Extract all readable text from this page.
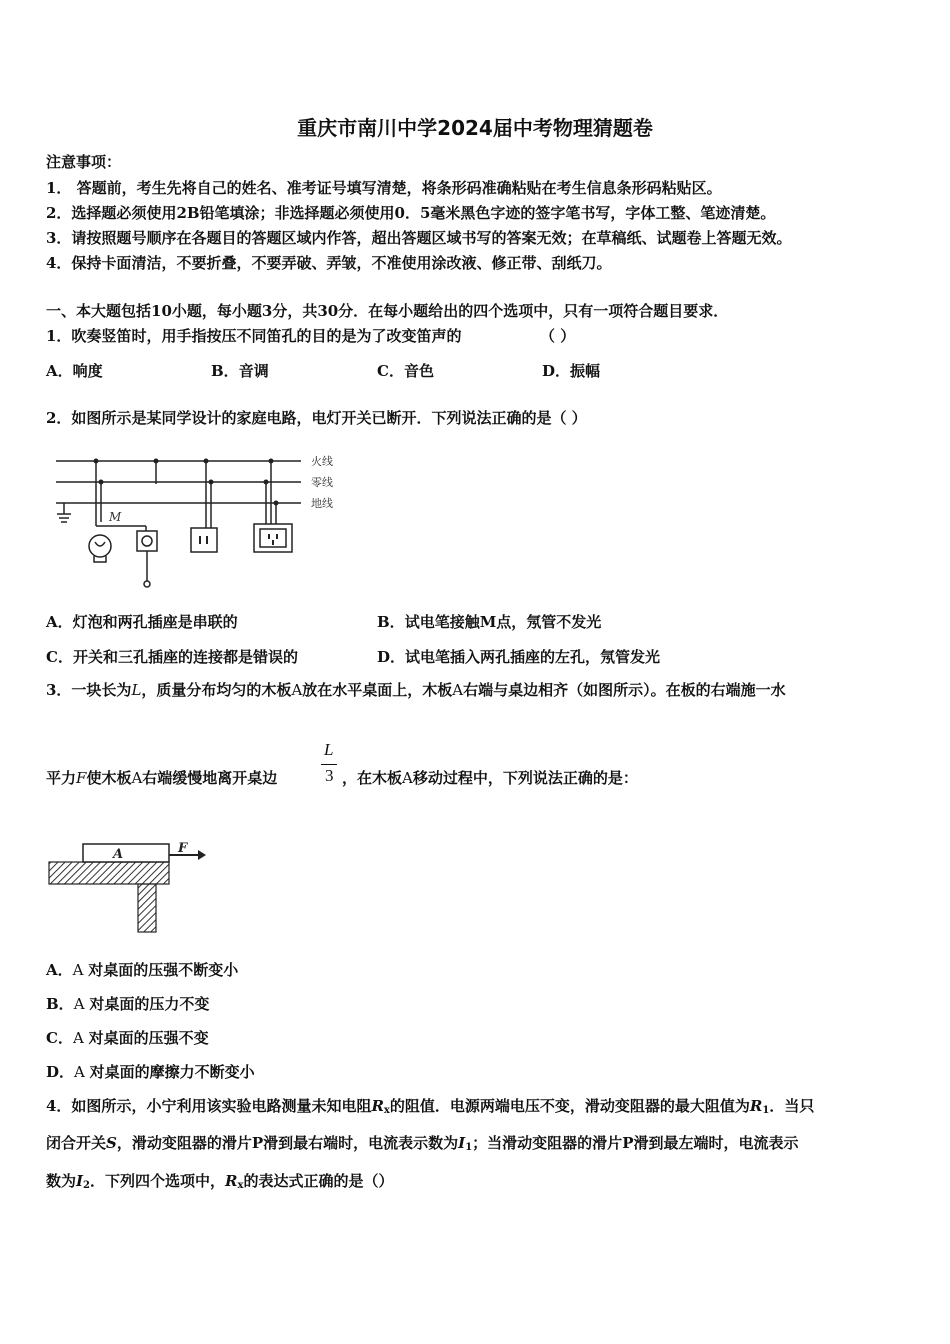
重庆市南川中学2024届中考物理猜题卷
注意事项：
1． 答题前，考生先将自己的姓名、准考证号填写清楚，将条形码准确粘贴在考生信息条形码粘贴区。
2．选择题必须使用2B铅笔填涂；非选择题必须使用0．5毫米黑色字迹的签字笔书写，字体工整、笔迹清楚。
3．请按照题号顺序在各题目的答题区域内作答，超出答题区域书写的答案无效；在草稿纸、试题卷上答题无效。
4．保持卡面清洁，不要折叠，不要弄破、弄皱，不准使用涂改液、修正带、刮纸刀。
一、本大题包括10小题，每小题3分，共30分．在每小题给出的四个选项中，只有一项符合题目要求．
1．吹奏竖笛时，用手指按压不同笛孔的目的是为了改变笛声的	（ ）
A．响度	B．音调	C．音色	D．振幅
2．如图所示是某同学设计的家庭电路，电灯开关已断开．下列说法正确的是（ ）
火线
零线
地线
M
A．灯泡和两孔插座是串联的	B．试电笔接触M点，氖管不发光
C．开关和三孔插座的连接都是错误的	D．试电笔插入两孔插座的左孔，氖管发光
3．一块长为L，质量分布均匀的木板A放在水平桌面上，木板A右端与桌边相齐（如图所示）。在板的右端施一水
平力F使木板A右端缓慢地离开桌边
L
3 ，在木板A移动过程中，下列说法正确的是：
A	F
A．A 对桌面的压强不断变小
B．A 对桌面的压力不变
C．A 对桌面的压强不变
D．A 对桌面的摩擦力不断变小
4．如图所示，小宁利用该实验电路测量未知电阻$R_x$的阻值．电源两端电压不变，滑动变阻器的最大阻值为$R_1$．当只
闭合开关S，滑动变阻器的滑片P滑到最右端时，电流表示数为$I_1$；当滑动变阻器的滑片P滑到最左端时，电流表示
数为$I_2$．下列四个选项中，$R_x$的表达式正确的是（）
